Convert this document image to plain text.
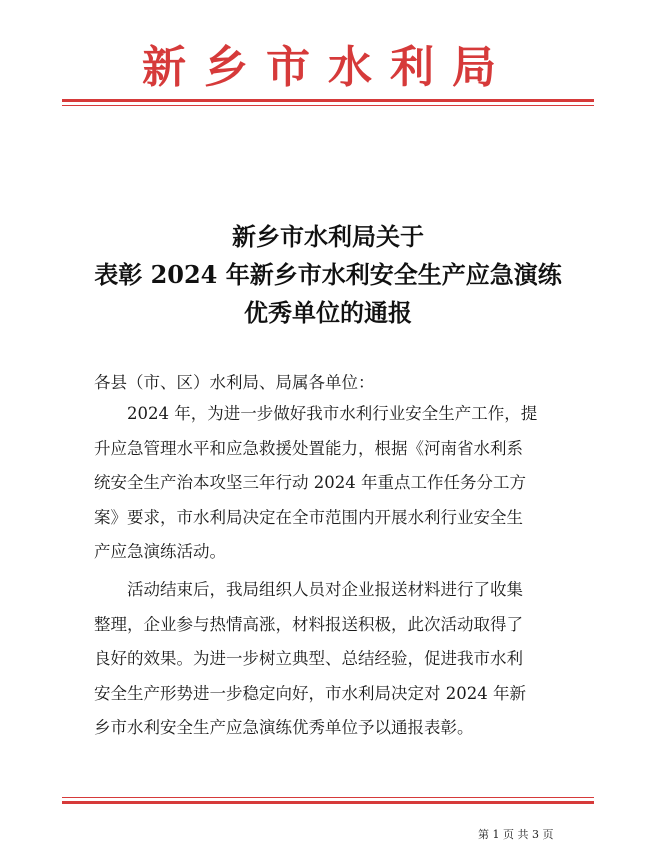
新乡市水利局
新乡市水利局关于
表彰 2024 年新乡市水利安全生产应急演练
优秀单位的通报
各县（市、区）水利局、局属各单位：
2024 年，为进一步做好我市水利行业安全生产工作，提
升应急管理水平和应急救援处置能力，根据《河南省水利系
统安全生产治本攻坚三年行动 2024 年重点工作任务分工方
案》要求，市水利局决定在全市范围内开展水利行业安全生
产应急演练活动。
活动结束后，我局组织人员对企业报送材料进行了收集
整理，企业参与热情高涨，材料报送积极，此次活动取得了
良好的效果。为进一步树立典型、总结经验，促进我市水利
安全生产形势进一步稳定向好，市水利局决定对 2024 年新
乡市水利安全生产应急演练优秀单位予以通报表彰。
第 1 页 共 3 页
